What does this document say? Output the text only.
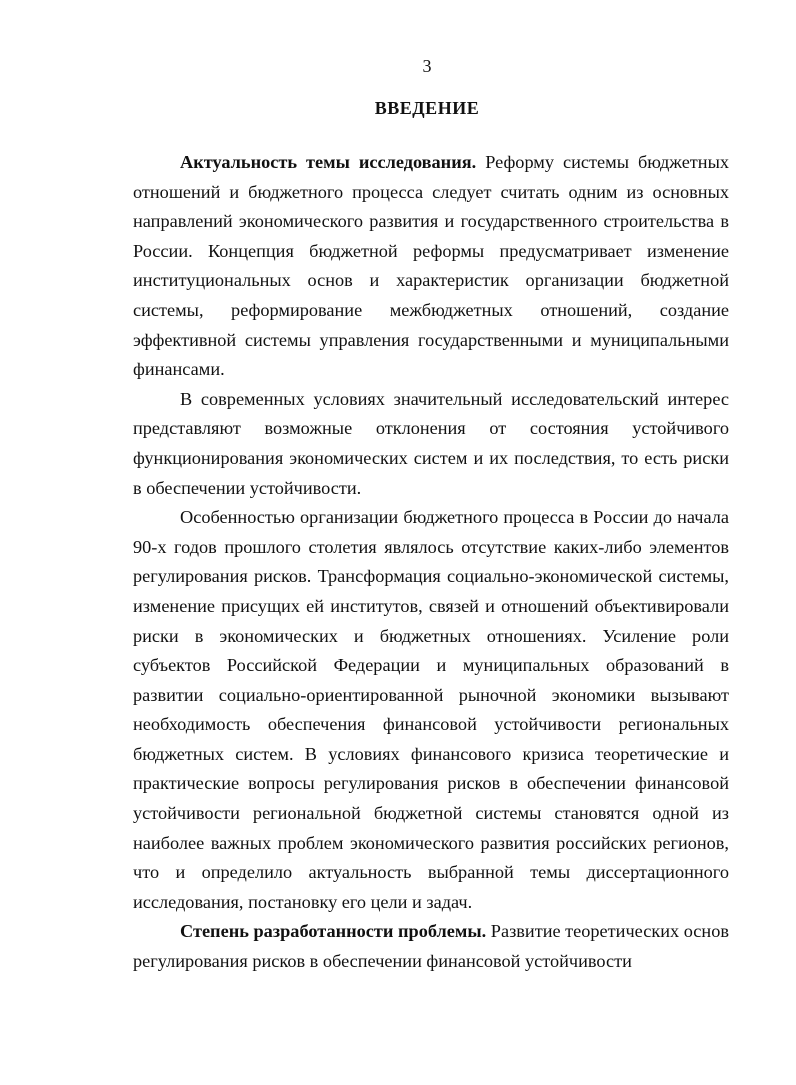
3
ВВЕДЕНИЕ

Актуальность темы исследования. Реформу системы бюджетных отношений и бюджетного процесса следует считать одним из основных направлений экономического развития и государственного строительства в России. Концепция бюджетной реформы предусматривает изменение институциональных основ и характеристик организации бюджетной системы, реформирование межбюджетных отношений, создание эффективной системы управления государственными и муниципальными финансами.

В современных условиях значительный исследовательский интерес представляют возможные отклонения от состояния устойчивого функционирования экономических систем и их последствия, то есть риски в обеспечении устойчивости.

Особенностью организации бюджетного процесса в России до начала 90-х годов прошлого столетия являлось отсутствие каких-либо элементов регулирования рисков. Трансформация социально-экономической системы, изменение присущих ей институтов, связей и отношений объективировали риски в экономических и бюджетных отношениях. Усиление роли субъектов Российской Федерации и муниципальных образований в развитии социально-ориентированной рыночной экономики вызывают необходимость обеспечения финансовой устойчивости региональных бюджетных систем. В условиях финансового кризиса теоретические и практические вопросы регулирования рисков в обеспечении финансовой устойчивости региональной бюджетной системы становятся одной из наиболее важных проблем экономического развития российских регионов, что и определило актуальность выбранной темы диссертационного исследования, постановку его цели и задач.

Степень разработанности проблемы. Развитие теоретических основ регулирования рисков в обеспечении финансовой устойчивости
